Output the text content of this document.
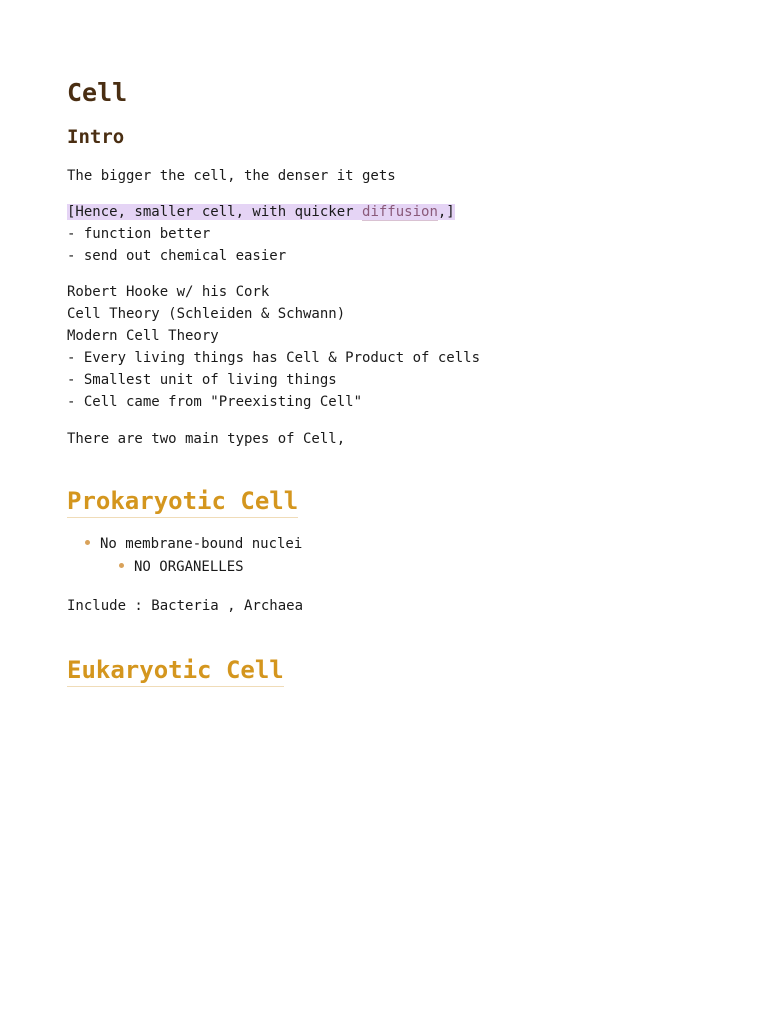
Cell
Intro

The bigger the cell, the denser it gets

[Hence, smaller cell, with quicker diffusion,]

- function better

- send out chemical easier

Robert Hooke w/ his Cork

Cell Theory (Schleiden & Schwann)

Modern Cell Theory

- Every living things has Cell & Product of cells

- Smallest unit of living things

- Cell came from "Preexisting Cell"

There are two main types of Cell,

Prokaryotic Cell

No membrane-bound nuclei

NO ORGANELLES

Include : Bacteria , Archaea

Eukaryotic Cell
